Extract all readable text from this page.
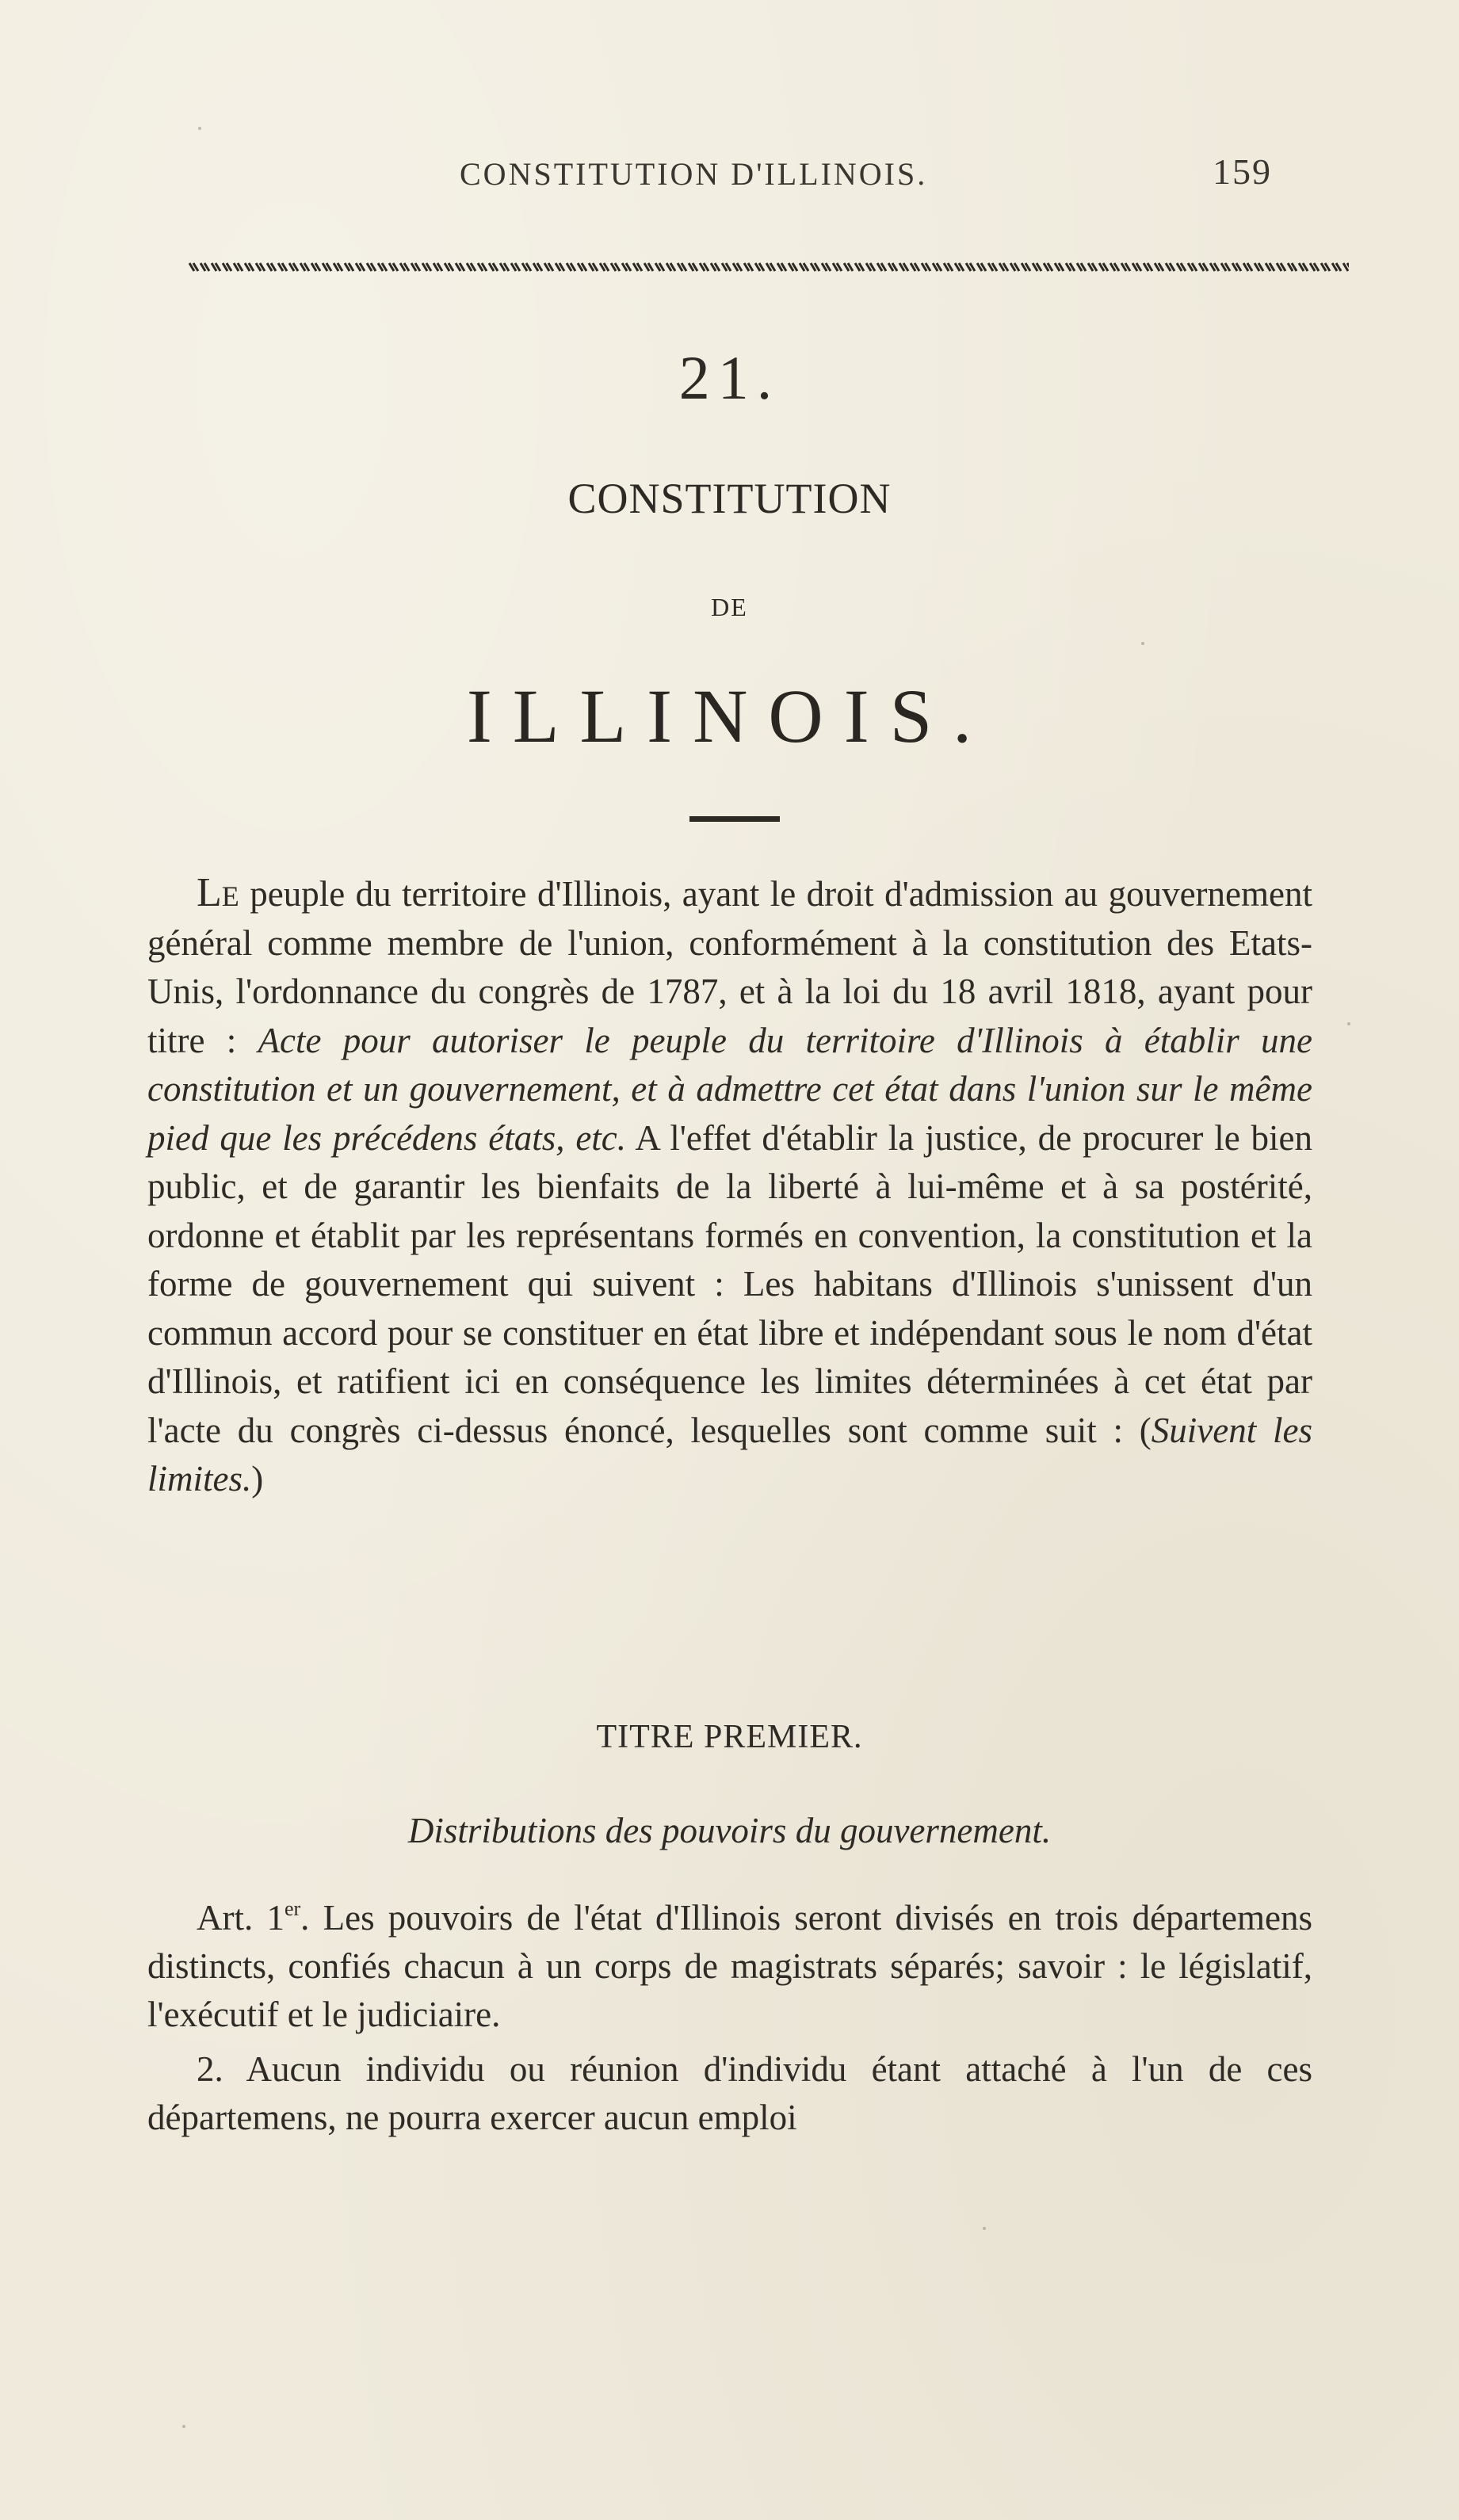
CONSTITUTION D'ILLINOIS.	159
21.
CONSTITUTION
DE
ILLINOIS.

Le peuple du territoire d'Illinois, ayant le droit d'admission au gouvernement général comme membre de l'union, conformément à la constitution des Etats-Unis, l'ordonnance du congrès de 1787, et à la loi du 18 avril 1818, ayant pour titre : Acte pour autoriser le peuple du territoire d'Illinois à établir une constitution et un gouvernement, et à admettre cet état dans l'union sur le même pied que les précédens états, etc. A l'effet d'établir la justice, de procurer le bien public, et de garantir les bienfaits de la liberté à lui-même et à sa postérité, ordonne et établit par les représentans formés en convention, la constitution et la forme de gouvernement qui suivent : Les habitans d'Illinois s'unissent d'un commun accord pour se constituer en état libre et indépendant sous le nom d'état d'Illinois, et ratifient ici en conséquence les limites déterminées à cet état par l'acte du congrès ci-dessus énoncé, lesquelles sont comme suit : (Suivent les limites.)

TITRE PREMIER.
Distributions des pouvoirs du gouvernement.

Art. 1er. Les pouvoirs de l'état d'Illinois seront divisés en trois départemens distincts, confiés chacun à un corps de magistrats séparés; savoir : le législatif, l'exécutif et le judiciaire.

2. Aucun individu ou réunion d'individu étant attaché à l'un de ces départemens, ne pourra exercer aucun emploi
